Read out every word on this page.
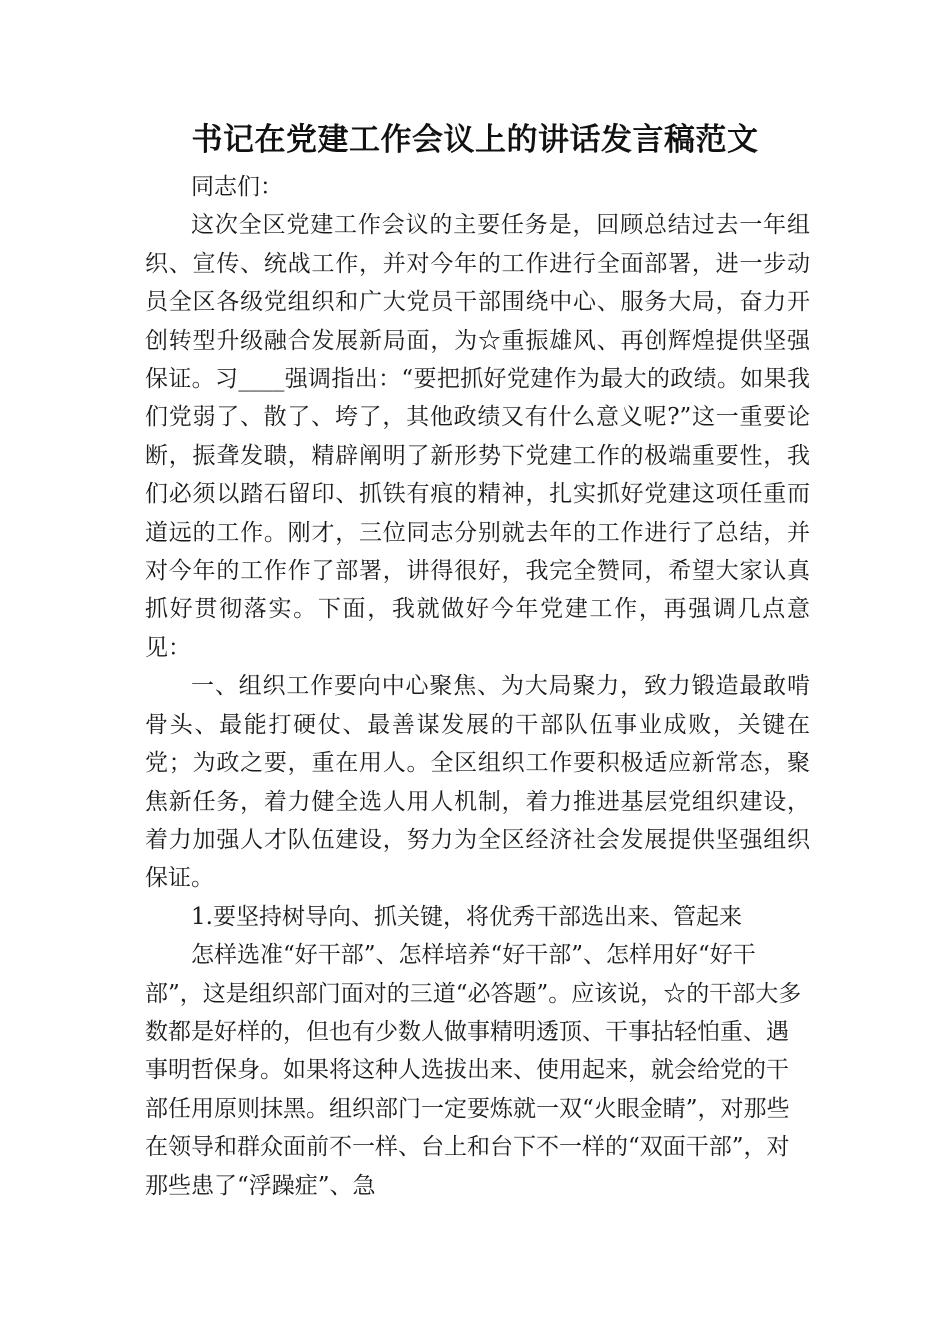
书记在党建工作会议上的讲话发言稿范文

同志们：

这次全区党建工作会议的主要任务是，回顾总结过去一年组织、宣传、统战工作，并对今年的工作进行全面部署，进一步动员全区各级党组织和广大党员干部围绕中心、服务大局，奋力开创转型升级融合发展新局面，为☆重振雄风、再创辉煌提供坚强保证。习____强调指出：“要把抓好党建作为最大的政绩。如果我们党弱了、散了、垮了，其他政绩又有什么意义呢?”这一重要论断，振聋发聩，精辟阐明了新形势下党建工作的极端重要性，我们必须以踏石留印、抓铁有痕的精神，扎实抓好党建这项任重而道远的工作。刚才，三位同志分别就去年的工作进行了总结，并对今年的工作作了部署，讲得很好，我完全赞同，希望大家认真抓好贯彻落实。下面，我就做好今年党建工作，再强调几点意见：

一、组织工作要向中心聚焦、为大局聚力，致力锻造最敢啃骨头、最能打硬仗、最善谋发展的干部队伍事业成败，关键在党；为政之要，重在用人。全区组织工作要积极适应新常态，聚焦新任务，着力健全选人用人机制，着力推进基层党组织建设，着力加强人才队伍建设，努力为全区经济社会发展提供坚强组织保证。

1.要坚持树导向、抓关键，将优秀干部选出来、管起来

怎样选准“好干部”、怎样培养“好干部”、怎样用好“好干部”，这是组织部门面对的三道“必答题”。应该说，☆的干部大多数都是好样的，但也有少数人做事精明透顶、干事拈轻怕重、遇事明哲保身。如果将这种人选拔出来、使用起来，就会给党的干部任用原则抹黑。组织部门一定要炼就一双“火眼金睛”，对那些在领导和群众面前不一样、台上和台下不一样的“双面干部”，对那些患了“浮躁症”、急
